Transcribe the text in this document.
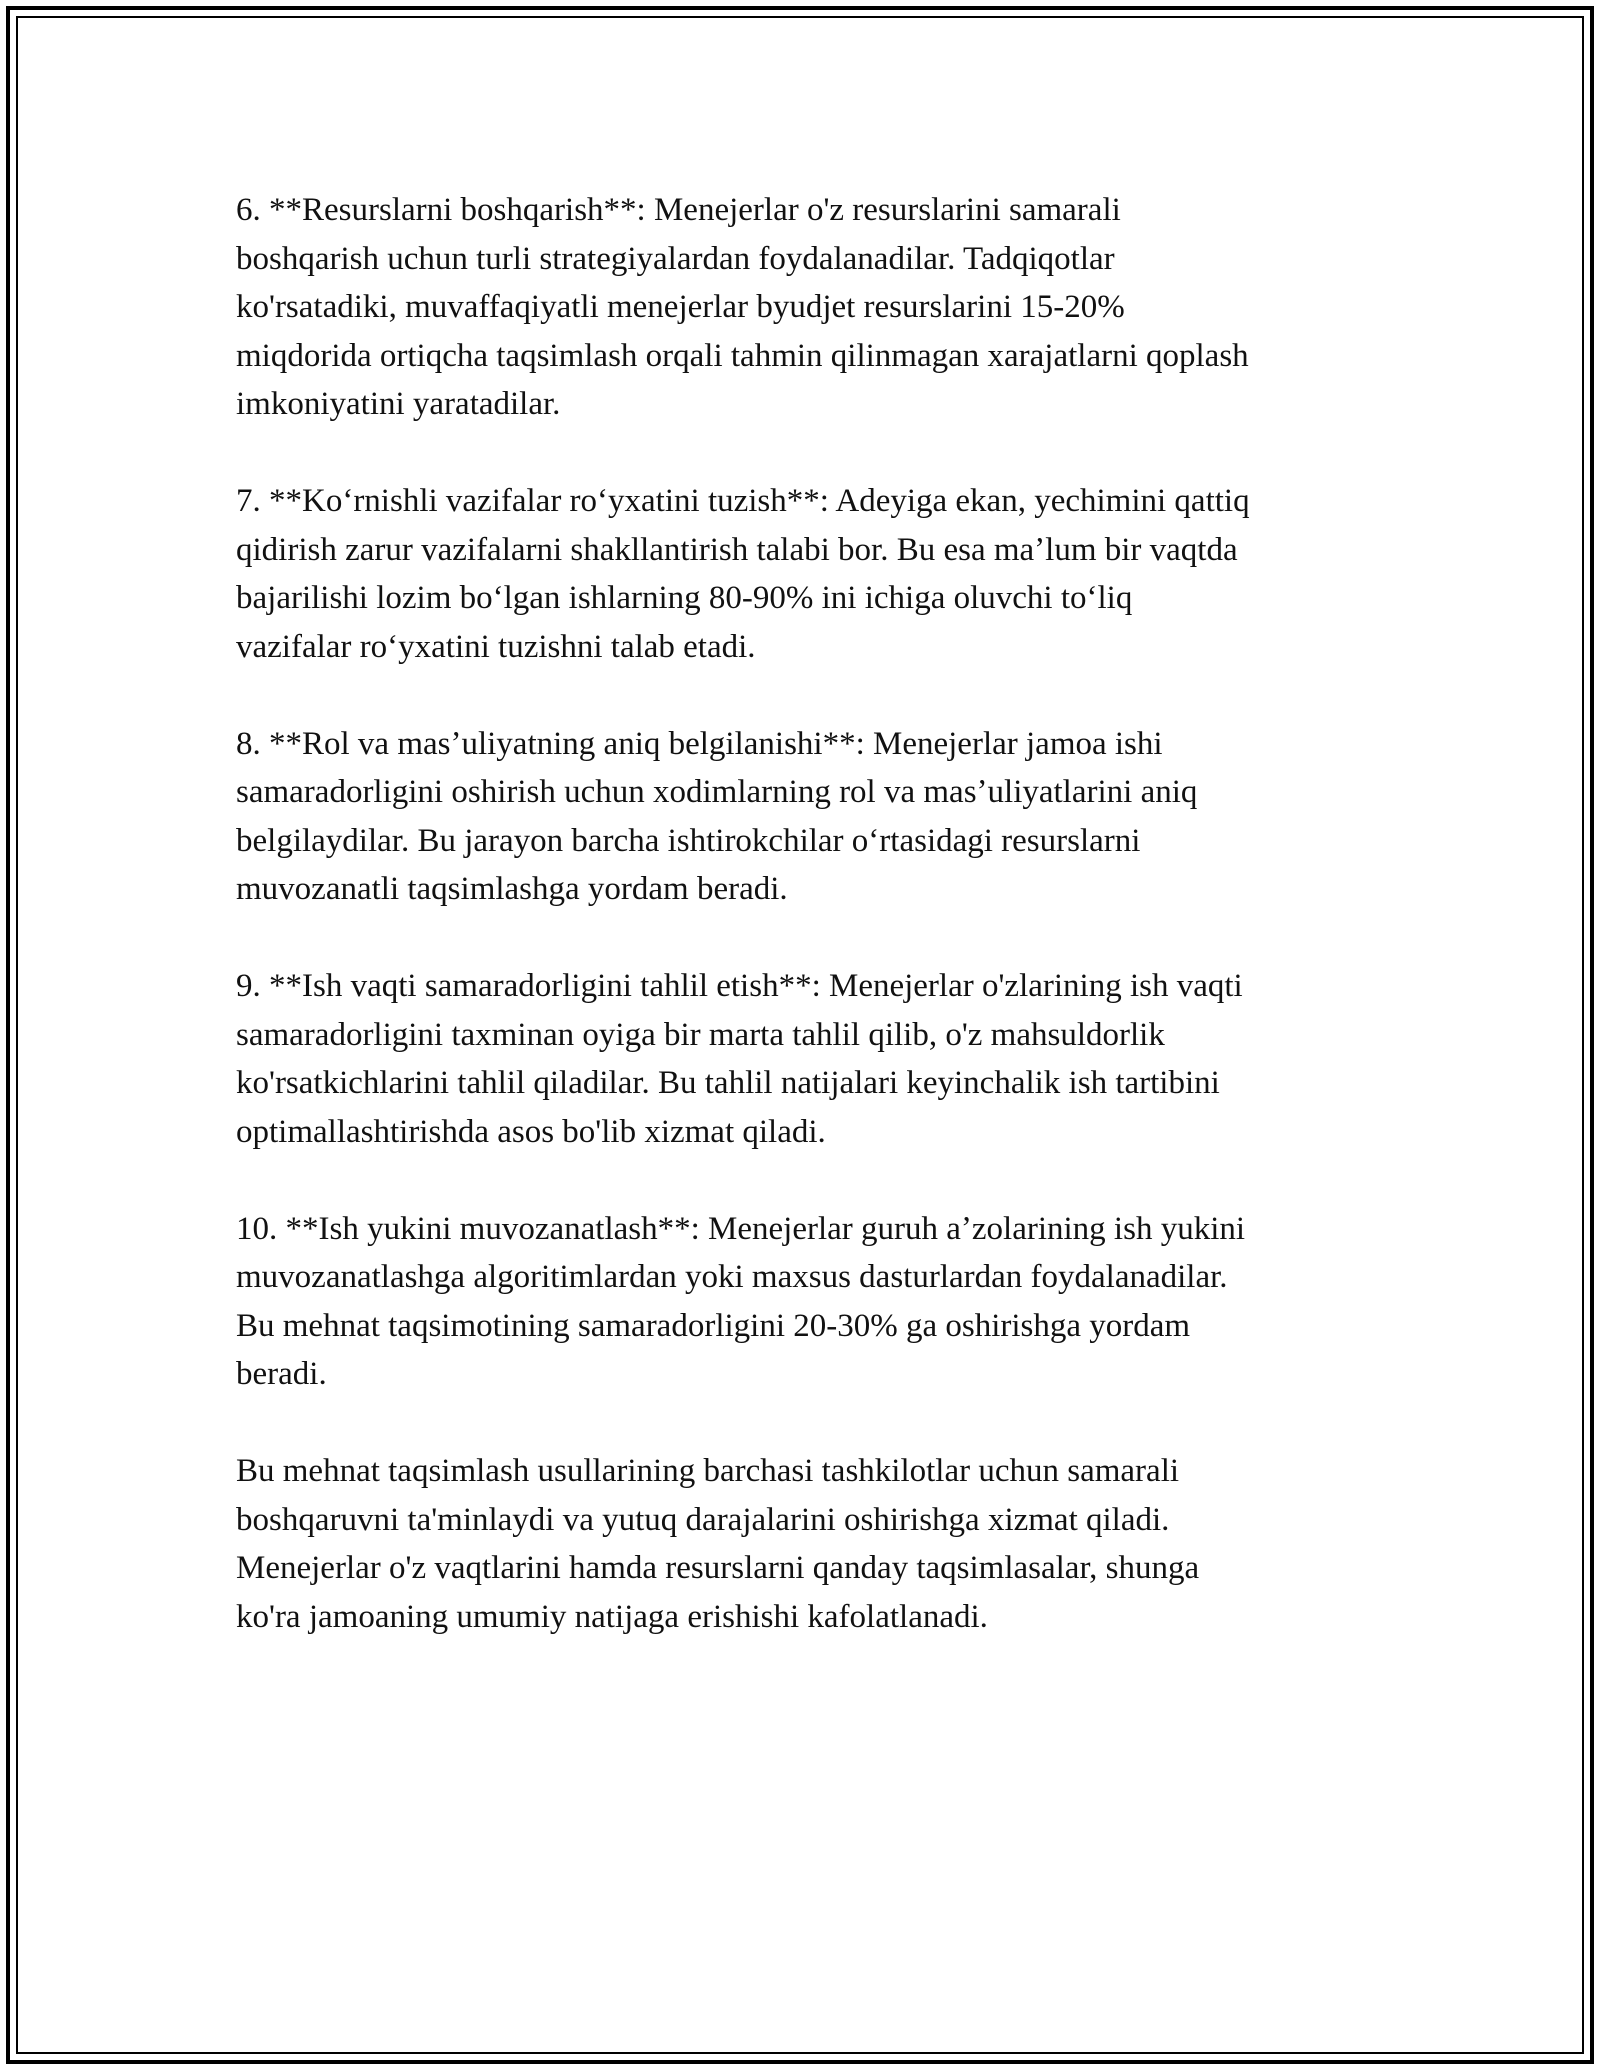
6. **Resurslarni boshqarish**: Menejerlar o'z resurslarini samarali
boshqarish uchun turli strategiyalardan foydalanadilar. Tadqiqotlar
ko'rsatadiki, muvaffaqiyatli menejerlar byudjet resurslarini 15-20%
miqdorida ortiqcha taqsimlash orqali tahmin qilinmagan xarajatlarni qoplash
imkoniyatini yaratadilar.

7. **Koʻrnishli vazifalar roʻyxatini tuzish**: Adeyiga ekan, yechimini qattiq
qidirish zarur vazifalarni shakllantirish talabi bor. Bu esa maʼlum bir vaqtda
bajarilishi lozim boʻlgan ishlarning 80-90% ini ichiga oluvchi toʻliq
vazifalar roʻyxatini tuzishni talab etadi.

8. **Rol va masʼuliyatning aniq belgilanishi**: Menejerlar jamoa ishi
samaradorligini oshirish uchun xodimlarning rol va masʼuliyatlarini aniq
belgilaydilar. Bu jarayon barcha ishtirokchilar oʻrtasidagi resurslarni
muvozanatli taqsimlashga yordam beradi.

9. **Ish vaqti samaradorligini tahlil etish**: Menejerlar o'zlarining ish vaqti
samaradorligini taxminan oyiga bir marta tahlil qilib, o'z mahsuldorlik
ko'rsatkichlarini tahlil qiladilar. Bu tahlil natijalari keyinchalik ish tartibini
optimallashtirishda asos bo'lib xizmat qiladi.

10. **Ish yukini muvozanatlash**: Menejerlar guruh aʼzolarining ish yukini
muvozanatlashga algoritimlardan yoki maxsus dasturlardan foydalanadilar.
Bu mehnat taqsimotining samaradorligini 20-30% ga oshirishga yordam
beradi.

Bu mehnat taqsimlash usullarining barchasi tashkilotlar uchun samarali
boshqaruvni ta'minlaydi va yutuq darajalarini oshirishga xizmat qiladi.
Menejerlar o'z vaqtlarini hamda resurslarni qanday taqsimlasalar, shunga
ko'ra jamoaning umumiy natijaga erishishi kafolatlanadi.
